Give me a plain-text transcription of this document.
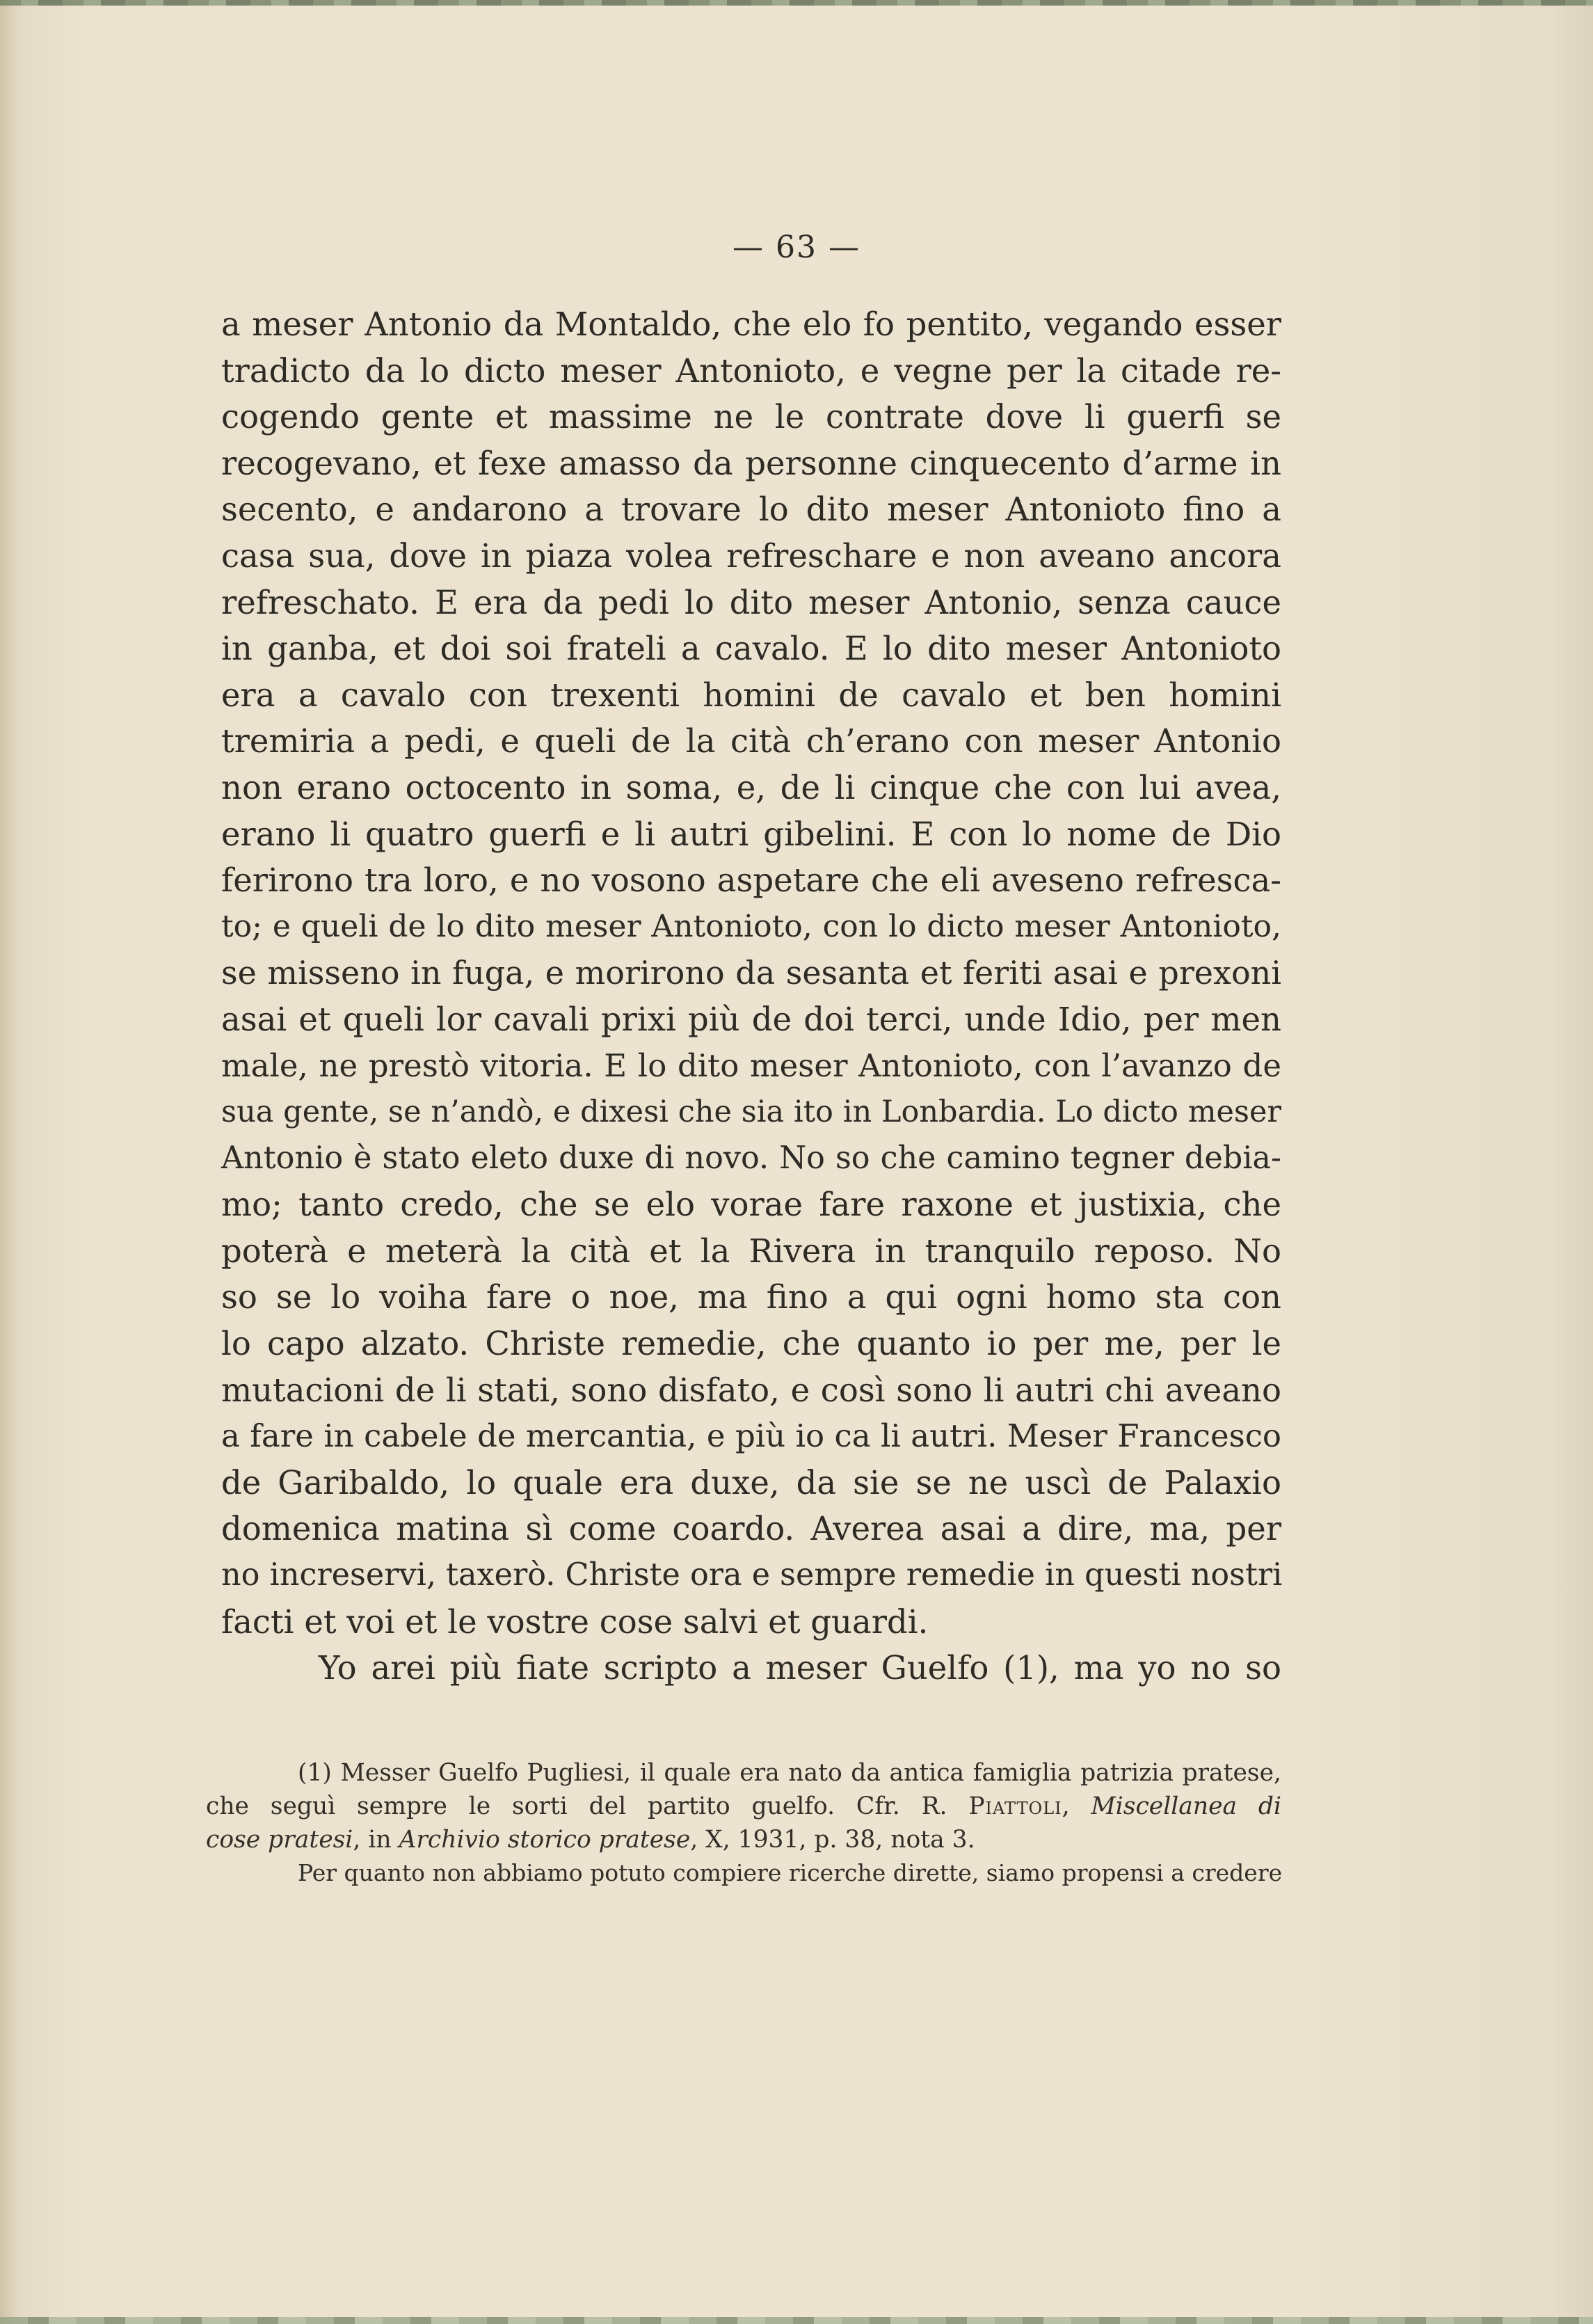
— 63 —
a meser Antonio da Montaldo, che elo fo pentito, vegando esser
tradicto da lo dicto meser Antonioto, e vegne per la citade re-
cogendo gente et massime ne le contrate dove li guerfi se
recogevano, et fexe amasso da personne cinquecento d’arme in
secento, e andarono a trovare lo dito meser Antonioto fino a
casa sua, dove in piaza volea refreschare e non aveano ancora
refreschato. E era da pedi lo dito meser Antonio, senza cauce
in ganba, et doi soi frateli a cavalo. E lo dito meser Antonioto
era a cavalo con trexenti homini de cavalo et ben homini
tremiria a pedi, e queli de la cità ch’erano con meser Antonio
non erano octocento in soma, e, de li cinque che con lui avea,
erano li quatro guerfi e li autri gibelini. E con lo nome de Dio
ferirono tra loro, e no vosono aspetare che eli aveseno refresca-
to; e queli de lo dito meser Antonioto, con lo dicto meser Antonioto,
se misseno in fuga, e morirono da sesanta et feriti asai e prexoni
asai et queli lor cavali prixi più de doi terci, unde Idio, per men
male, ne prestò vitoria. E lo dito meser Antonioto, con l’avanzo de
sua gente, se n’andò, e dixesi che sia ito in Lonbardia. Lo dicto meser
Antonio è stato eleto duxe di novo. No so che camino tegner debia-
mo; tanto credo, che se elo vorae fare raxone et justixia, che
poterà e meterà la cità et la Rivera in tranquilo reposo. No
so se lo voiha fare o noe, ma fino a qui ogni homo sta con
lo capo alzato. Christe remedie, che quanto io per me, per le
mutacioni de li stati, sono disfato, e così sono li autri chi aveano
a fare in cabele de mercantia, e più io ca li autri. Meser Francesco
de Garibaldo, lo quale era duxe, da sie se ne uscì de Palaxio
domenica matina sì come coardo. Averea asai a dire, ma, per
no increservi, taxerò. Christe ora e sempre remedie in questi nostri
facti et voi et le vostre cose salvi et guardi.
Yo arei più fiate scripto a meser Guelfo (1), ma yo no so
(1) Messer Guelfo Pugliesi, il quale era nato da antica famiglia patrizia pratese,
che seguì sempre le sorti del partito guelfo. Cfr. R. Piattoli, Miscellanea di
cose pratesi, in Archivio storico pratese, X, 1931, p. 38, nota 3.
Per quanto non abbiamo potuto compiere ricerche dirette, siamo propensi a credere
